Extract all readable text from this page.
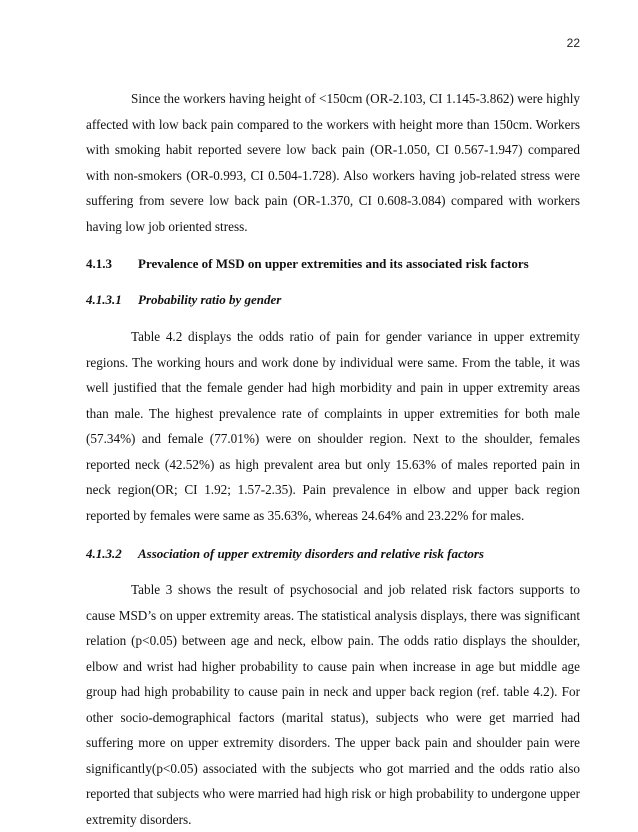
22

Since the workers having height of <150cm (OR-2.103, CI 1.145-3.862) were highly affected with low back pain compared to the workers with height more than 150cm. Workers with smoking habit reported severe low back pain (OR-1.050, CI 0.567-1.947) compared with non-smokers (OR-0.993, CI 0.504-1.728). Also workers having job-related stress were suffering from severe low back pain (OR-1.370, CI 0.608-3.084) compared with workers having low job oriented stress.

4.1.3 Prevalence of MSD on upper extremities and its associated risk factors
4.1.3.1 Probability ratio by gender

Table 4.2 displays the odds ratio of pain for gender variance in upper extremity regions. The working hours and work done by individual were same. From the table, it was well justified that the female gender had high morbidity and pain in upper extremity areas than male. The highest prevalence rate of complaints in upper extremities for both male (57.34%) and female (77.01%) were on shoulder region. Next to the shoulder, females reported neck (42.52%) as high prevalent area but only 15.63% of males reported pain in neck region(OR; CI 1.92; 1.57-2.35). Pain prevalence in elbow and upper back region reported by females were same as 35.63%, whereas 24.64% and 23.22% for males.

4.1.3.2 Association of upper extremity disorders and relative risk factors

Table 3 shows the result of psychosocial and job related risk factors supports to cause MSD’s on upper extremity areas. The statistical analysis displays, there was significant relation (p<0.05) between age and neck, elbow pain. The odds ratio displays the shoulder, elbow and wrist had higher probability to cause pain when increase in age but middle age group had high probability to cause pain in neck and upper back region (ref. table 4.2). For other socio-demographical factors (marital status), subjects who were get married had suffering more on upper extremity disorders. The upper back pain and shoulder pain were significantly(p<0.05) associated with the subjects who got married and the odds ratio also reported that subjects who were married had high risk or high probability to undergone upper extremity disorders.
